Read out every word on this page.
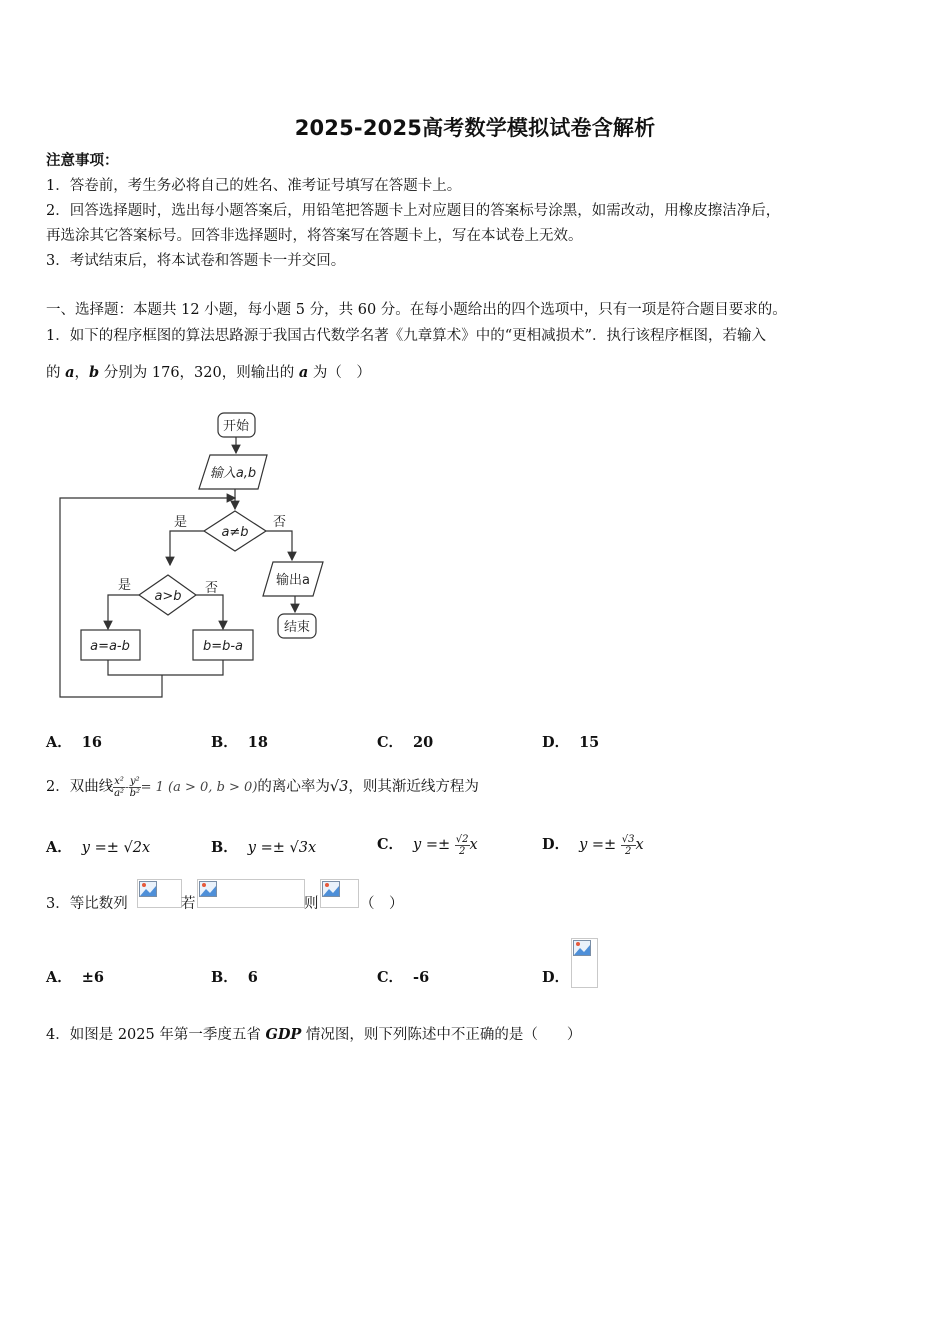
2025-2025高考数学模拟试卷含解析
注意事项：
1．答卷前，考生务必将自己的姓名、准考证号填写在答题卡上。
2．回答选择题时，选出每小题答案后，用铅笔把答题卡上对应题目的答案标号涂黑，如需改动，用橡皮擦洁净后，
再选涂其它答案标号。回答非选择题时，将答案写在答题卡上，写在本试卷上无效。
3．考试结束后，将本试卷和答题卡一并交回。
一、选择题：本题共 12 小题，每小题 5 分，共 60 分。在每小题给出的四个选项中，只有一项是符合题目要求的。
1．如下的程序框图的算法思路源于我国古代数学名著《九章算术》中的“更相减损术”．执行该程序框图，若输入
的 a，b 分别为 176，320，则输出的 a 为（　）
开始
输入a,b
a≠b
是	否
输出a
结束
a>b
是	否
a=a-b	b=b-a
A． 16	B． 18	C． 20	D． 15
2．双曲线 $\frac{\text{x²}}{\text{a²}} - \frac{\text{y²}}{\text{b²}} = 1$ (a > 0, b > 0)的离心率为√3，则其渐近线方程为
A． y =± √2x	B． y =± √3x	C． $y =\pm \frac{√2}{2}$ x	D． $y =\pm \frac{√3}{2}$ x
3．等比数列	若	则	（　）
A． ±6	B． 6	C． -6	D．
4．如图是 2025 年第一季度五省 GDP 情况图，则下列陈述中不正确的是（　　）
